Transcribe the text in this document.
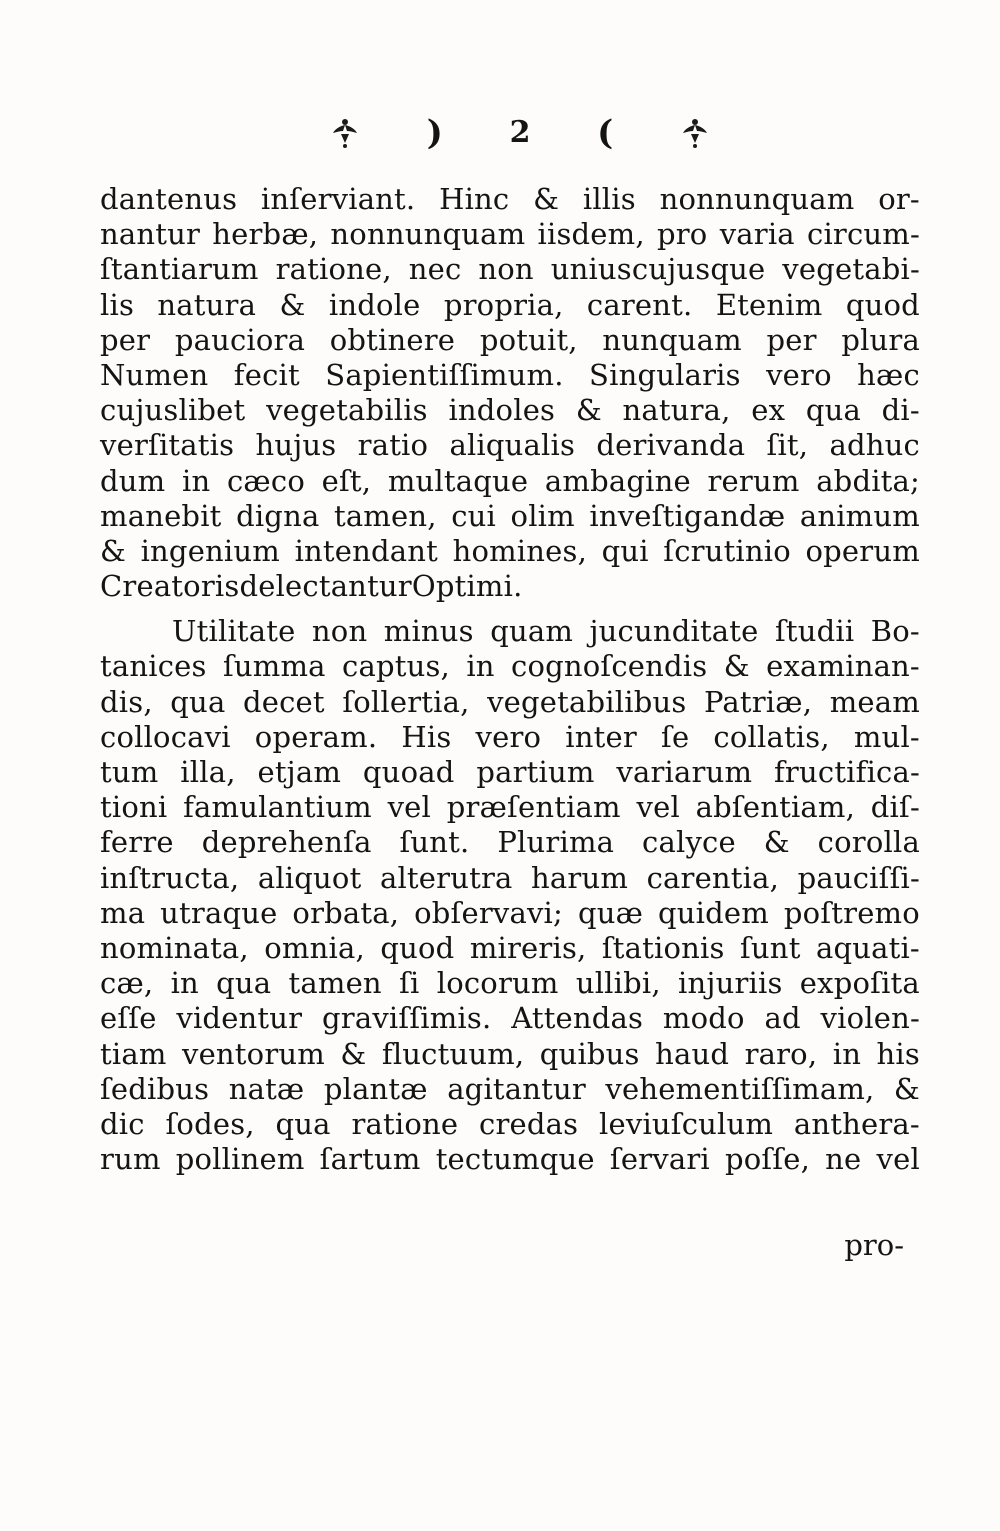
) 2 (
dantenus inſerviant. Hinc & illis nonnunquam or-
nantur herbæ, nonnunquam iisdem, pro varia circum-
ſtantiarum ratione, nec non uniuscujusque vegetabi-
lis natura & indole propria, carent. Etenim quod
per pauciora obtinere potuit, nunquam per plura
Numen fecit Sapientiſſimum. Singularis vero hæc
cujuslibet vegetabilis indoles & natura, ex qua di-
verſitatis hujus ratio aliqualis derivanda ſit, adhuc
dum in cæco eſt, multaque ambagine rerum abdita;
manebit digna tamen, cui olim inveſtigandæ animum
& ingenium intendant homines, qui ſcrutinio operum
Creatoris delectantur Optimi.
Utilitate non minus quam jucunditate ſtudii Bo-
tanices ſumma captus, in cognoſcendis & examinan-
dis, qua decet ſollertia, vegetabilibus Patriæ, meam
collocavi operam. His vero inter ſe collatis, mul-
tum illa, etjam quoad partium variarum fructifica-
tioni famulantium vel præſentiam vel abſentiam, diſ-
ferre deprehenſa ſunt. Plurima calyce & corolla
inſtructa, aliquot alterutra harum carentia, pauciſſi-
ma utraque orbata, obſervavi; quæ quidem poſtremo
nominata, omnia, quod mireris, ſtationis ſunt aquati-
cæ, in qua tamen ſi locorum ullibi, injuriis expoſita
eſſe videntur graviſſimis. Attendas modo ad violen-
tiam ventorum & fluctuum, quibus haud raro, in his
ſedibus natæ plantæ agitantur vehementiſſimam, &
dic ſodes, qua ratione credas leviuſculum anthera-
rum pollinem ſartum tectumque ſervari poſſe, ne vel
pro-
